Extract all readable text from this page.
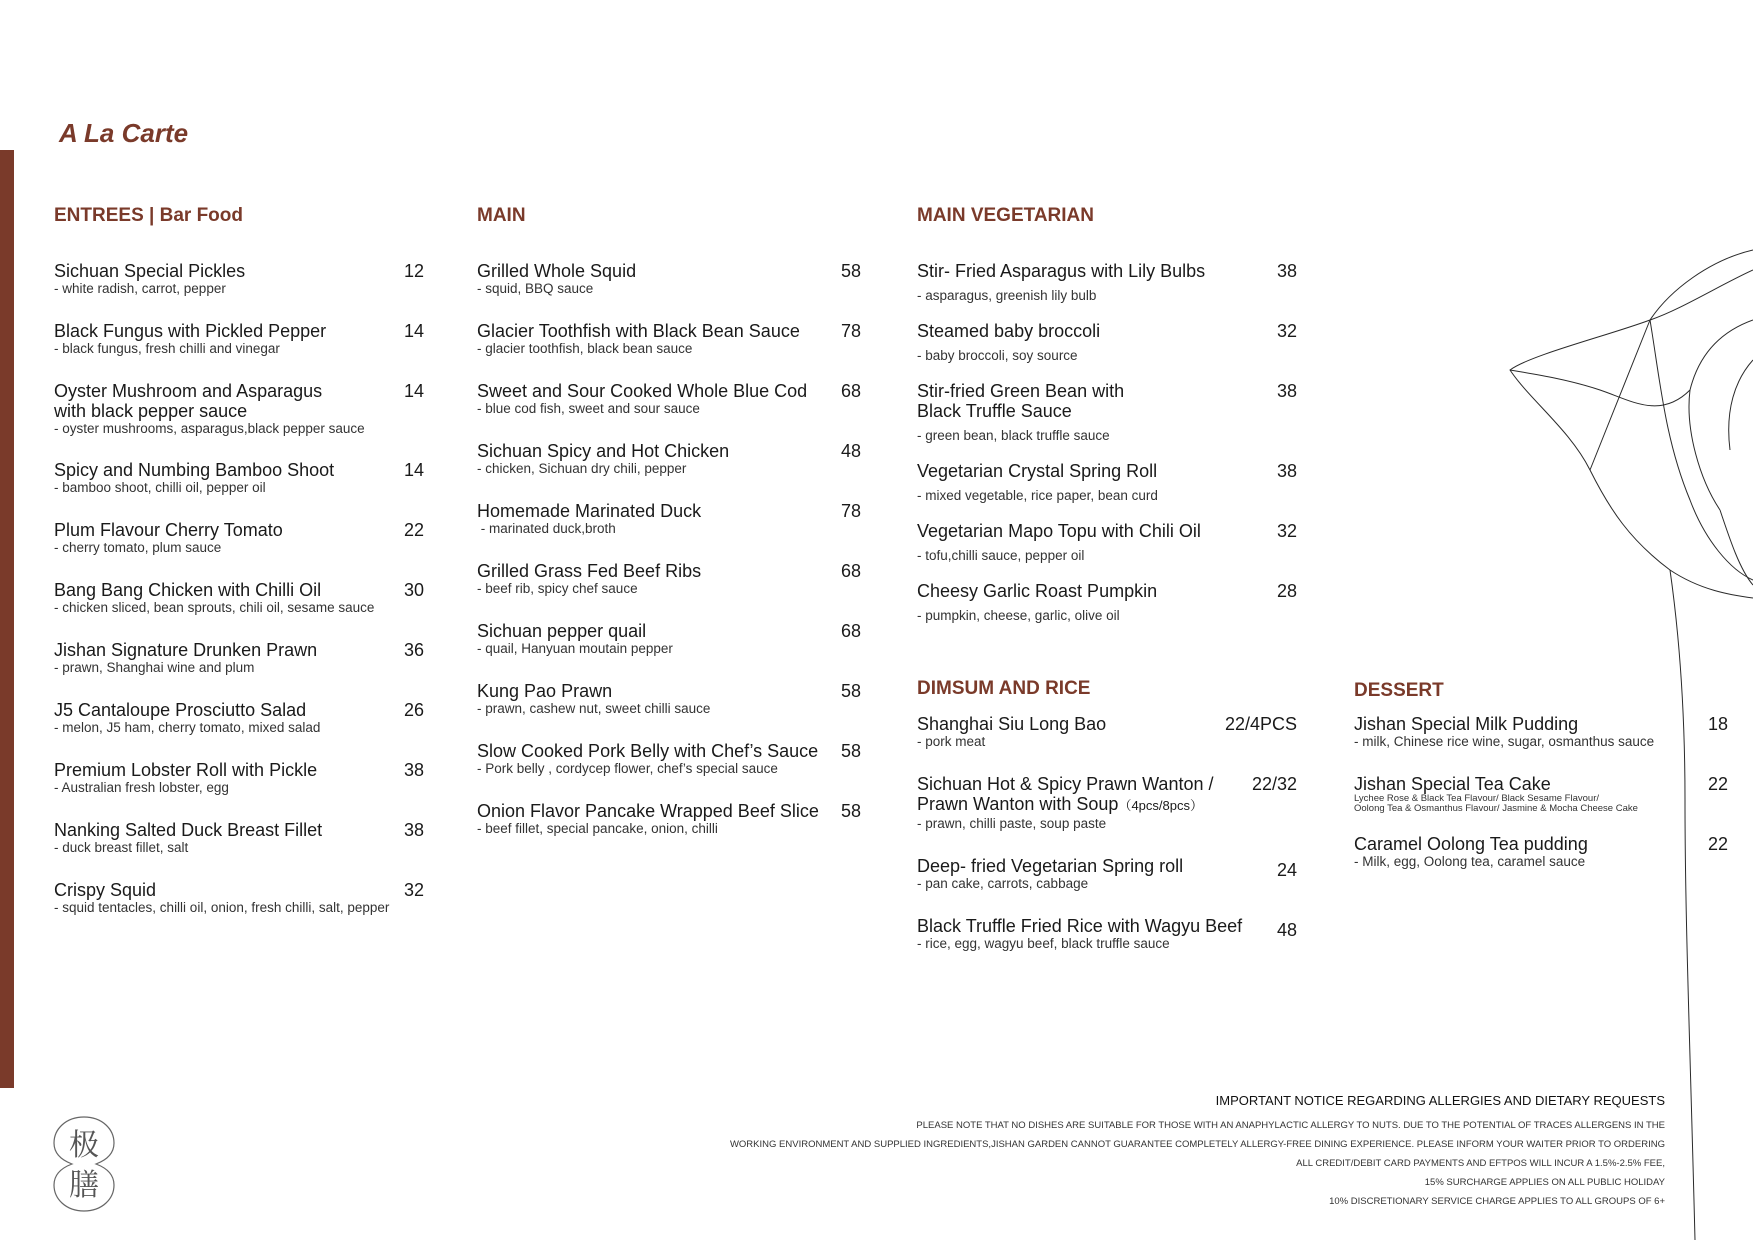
A La Carte
ENTREES | Bar Food
Sichuan Special Pickles
- white radish, carrot, pepper
12
Black Fungus with Pickled Pepper
- black fungus, fresh chilli and vinegar
14
Oyster Mushroom and Asparagus with black pepper sauce
- oyster mushrooms, asparagus,black pepper sauce
14
Spicy and Numbing Bamboo Shoot
- bamboo shoot, chilli oil, pepper oil
14
Plum Flavour Cherry Tomato
- cherry tomato, plum sauce
22
Bang Bang Chicken with Chilli Oil
- chicken sliced, bean sprouts, chili oil, sesame sauce
30
Jishan Signature Drunken Prawn
- prawn, Shanghai wine and plum
36
J5 Cantaloupe Prosciutto Salad
- melon, J5 ham, cherry tomato, mixed salad
26
Premium Lobster Roll with Pickle
- Australian fresh lobster, egg
38
Nanking Salted Duck Breast Fillet
- duck breast fillet, salt
38
Crispy Squid
- squid tentacles, chilli oil, onion, fresh chilli, salt, pepper
32
MAIN
Grilled Whole Squid
- squid, BBQ sauce
58
Glacier Toothfish with Black Bean Sauce
- glacier toothfish, black bean sauce
78
Sweet and Sour Cooked Whole Blue Cod
- blue cod fish, sweet and sour sauce
68
Sichuan Spicy and Hot Chicken
- chicken, Sichuan dry chili, pepper
48
Homemade Marinated Duck
- marinated duck,broth
78
Grilled Grass Fed Beef Ribs
- beef rib, spicy chef sauce
68
Sichuan pepper quail
- quail, Hanyuan moutain pepper
68
Kung Pao Prawn
- prawn, cashew nut, sweet chilli sauce
58
Slow Cooked Pork Belly with Chef’s Sauce
- Pork belly , cordycep flower, chef’s special sauce
58
Onion Flavor Pancake Wrapped Beef Slice
- beef fillet, special pancake, onion, chilli
58
MAIN VEGETARIAN
Stir- Fried Asparagus with Lily Bulbs
- asparagus, greenish lily bulb
38
Steamed baby broccoli
- baby broccoli, soy source
32
Stir-fried Green Bean with Black Truffle Sauce
- green bean, black truffle sauce
38
Vegetarian Crystal Spring Roll
- mixed vegetable, rice paper, bean curd
38
Vegetarian Mapo Topu with Chili Oil
- tofu,chilli sauce, pepper oil
32
Cheesy Garlic Roast Pumpkin
- pumpkin, cheese, garlic, olive oil
28
DIMSUM AND RICE
Shanghai Siu Long Bao
- pork meat
22/4PCS
Sichuan Hot & Spicy Prawn Wanton / Prawn Wanton with Soup（4pcs/8pcs）
- prawn, chilli paste, soup paste
22/32
Deep- fried Vegetarian Spring roll
- pan cake, carrots, cabbage
24
Black Truffle Fried Rice with Wagyu Beef
- rice, egg, wagyu beef, black truffle sauce
48
DESSERT
Jishan Special Milk Pudding
- milk, Chinese rice wine, sugar, osmanthus sauce
18
Jishan Special Tea Cake
Lychee Rose & Black Tea Flavour/ Black Sesame Flavour/
Oolong Tea & Osmanthus Flavour/ Jasmine & Mocha Cheese Cake
22
Caramel Oolong Tea pudding
- Milk, egg, Oolong tea, caramel sauce
22
极
膳
IMPORTANT NOTICE REGARDING ALLERGIES AND DIETARY REQUESTS
PLEASE NOTE THAT NO DISHES ARE SUITABLE FOR THOSE WITH AN ANAPHYLACTIC ALLERGY TO NUTS. DUE TO THE POTENTIAL OF TRACES ALLERGENS IN THE
WORKING ENVIRONMENT AND SUPPLIED INGREDIENTS,JISHAN GARDEN CANNOT GUARANTEE COMPLETELY ALLERGY-FREE DINING EXPERIENCE. PLEASE INFORM YOUR WAITER PRIOR TO ORDERING
ALL CREDIT/DEBIT CARD PAYMENTS AND EFTPOS WILL INCUR A 1.5%-2.5% FEE,
15% SURCHARGE APPLIES ON ALL PUBLIC HOLIDAY
10% DISCRETIONARY SERVICE CHARGE APPLIES TO ALL GROUPS OF 6+
